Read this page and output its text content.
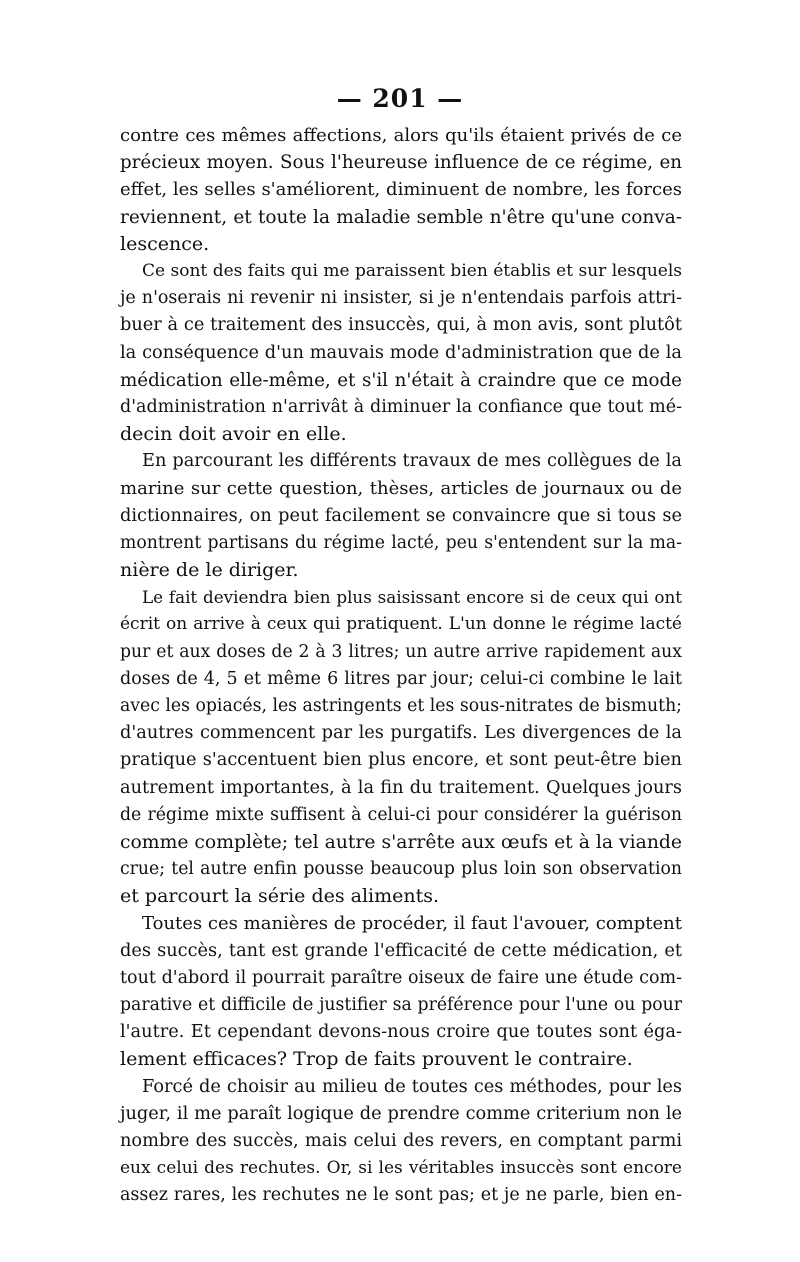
— 201 —
contre ces mêmes affections, alors qu'ils étaient privés de ce
précieux moyen. Sous l'heureuse influence de ce régime, en
effet, les selles s'améliorent, diminuent de nombre, les forces
reviennent, et toute la maladie semble n'être qu'une conva-
lescence.
Ce sont des faits qui me paraissent bien établis et sur lesquels
je n'oserais ni revenir ni insister, si je n'entendais parfois attri-
buer à ce traitement des insuccès, qui, à mon avis, sont plutôt
la conséquence d'un mauvais mode d'administration que de la
médication elle-même, et s'il n'était à craindre que ce mode
d'administration n'arrivât à diminuer la confiance que tout mé-
decin doit avoir en elle.
En parcourant les différents travaux de mes collègues de la
marine sur cette question, thèses, articles de journaux ou de
dictionnaires, on peut facilement se convaincre que si tous se
montrent partisans du régime lacté, peu s'entendent sur la ma-
nière de le diriger.
Le fait deviendra bien plus saisissant encore si de ceux qui ont
écrit on arrive à ceux qui pratiquent. L'un donne le régime lacté
pur et aux doses de 2 à 3 litres; un autre arrive rapidement aux
doses de 4, 5 et même 6 litres par jour; celui-ci combine le lait
avec les opiacés, les astringents et les sous-nitrates de bismuth;
d'autres commencent par les purgatifs. Les divergences de la
pratique s'accentuent bien plus encore, et sont peut-être bien
autrement importantes, à la fin du traitement. Quelques jours
de régime mixte suffisent à celui-ci pour considérer la guérison
comme complète; tel autre s'arrête aux œufs et à la viande
crue; tel autre enfin pousse beaucoup plus loin son observation
et parcourt la série des aliments.
Toutes ces manières de procéder, il faut l'avouer, comptent
des succès, tant est grande l'efficacité de cette médication, et
tout d'abord il pourrait paraître oiseux de faire une étude com-
parative et difficile de justifier sa préférence pour l'une ou pour
l'autre. Et cependant devons-nous croire que toutes sont éga-
lement efficaces? Trop de faits prouvent le contraire.
Forcé de choisir au milieu de toutes ces méthodes, pour les
juger, il me paraît logique de prendre comme criterium non le
nombre des succès, mais celui des revers, en comptant parmi
eux celui des rechutes. Or, si les véritables insuccès sont encore
assez rares, les rechutes ne le sont pas; et je ne parle, bien en-
